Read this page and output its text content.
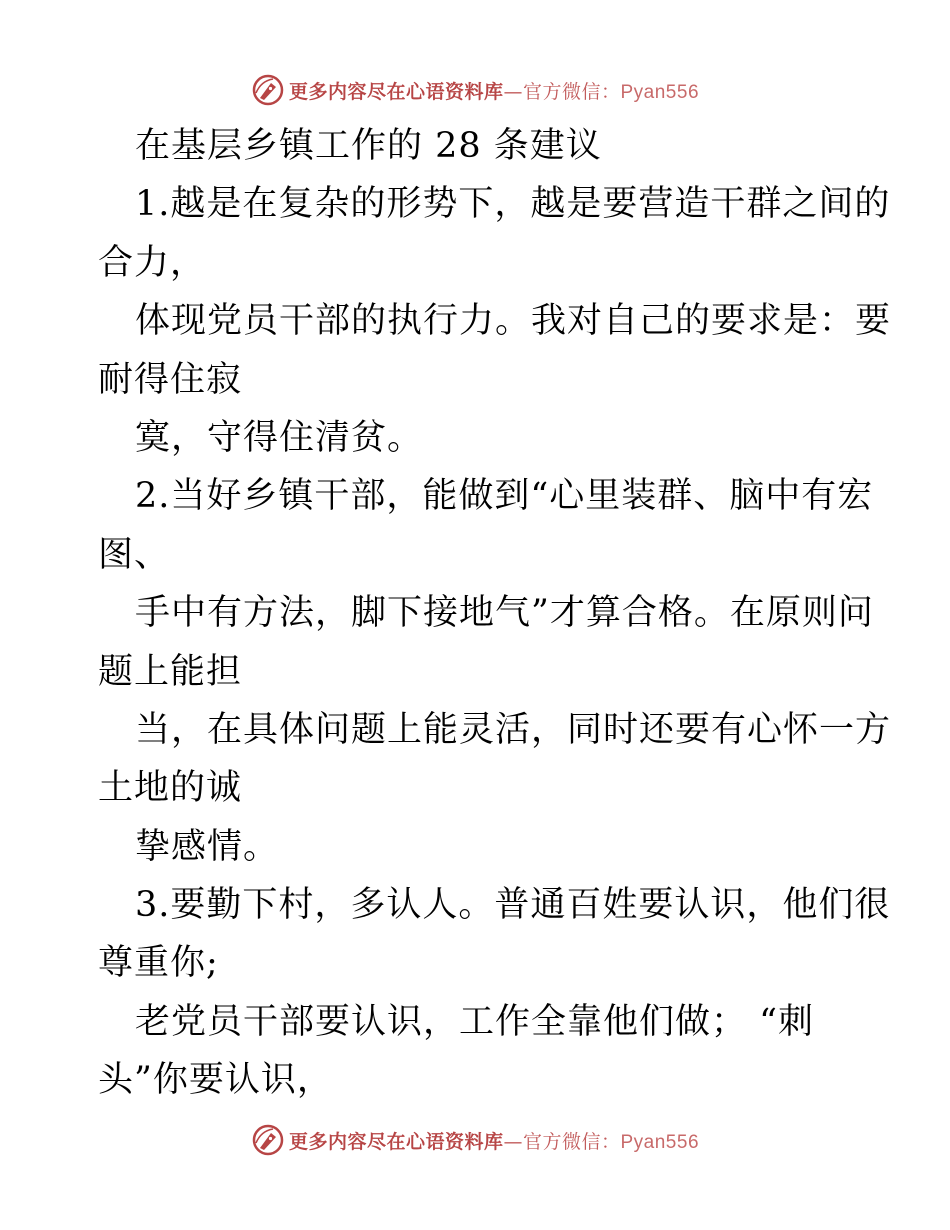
更多内容尽在心语资料库—官方微信：Pyan556
在基层乡镇工作的 28 条建议
1.越是在复杂的形势下，越是要营造干群之间的
合力，
体现党员干部的执行力。我对自己的要求是：要
耐得住寂
寞，守得住清贫。
2.当好乡镇干部，能做到“心里装群、脑中有宏
图、
手中有方法，脚下接地气”才算合格。在原则问
题上能担
当，在具体问题上能灵活，同时还要有心怀一方
土地的诚
挚感情。
3.要勤下村，多认人。普通百姓要认识，他们很
尊重你;
老党员干部要认识，工作全靠他们做； “刺
头”你要认识，
更多内容尽在心语资料库—官方微信：Pyan556
